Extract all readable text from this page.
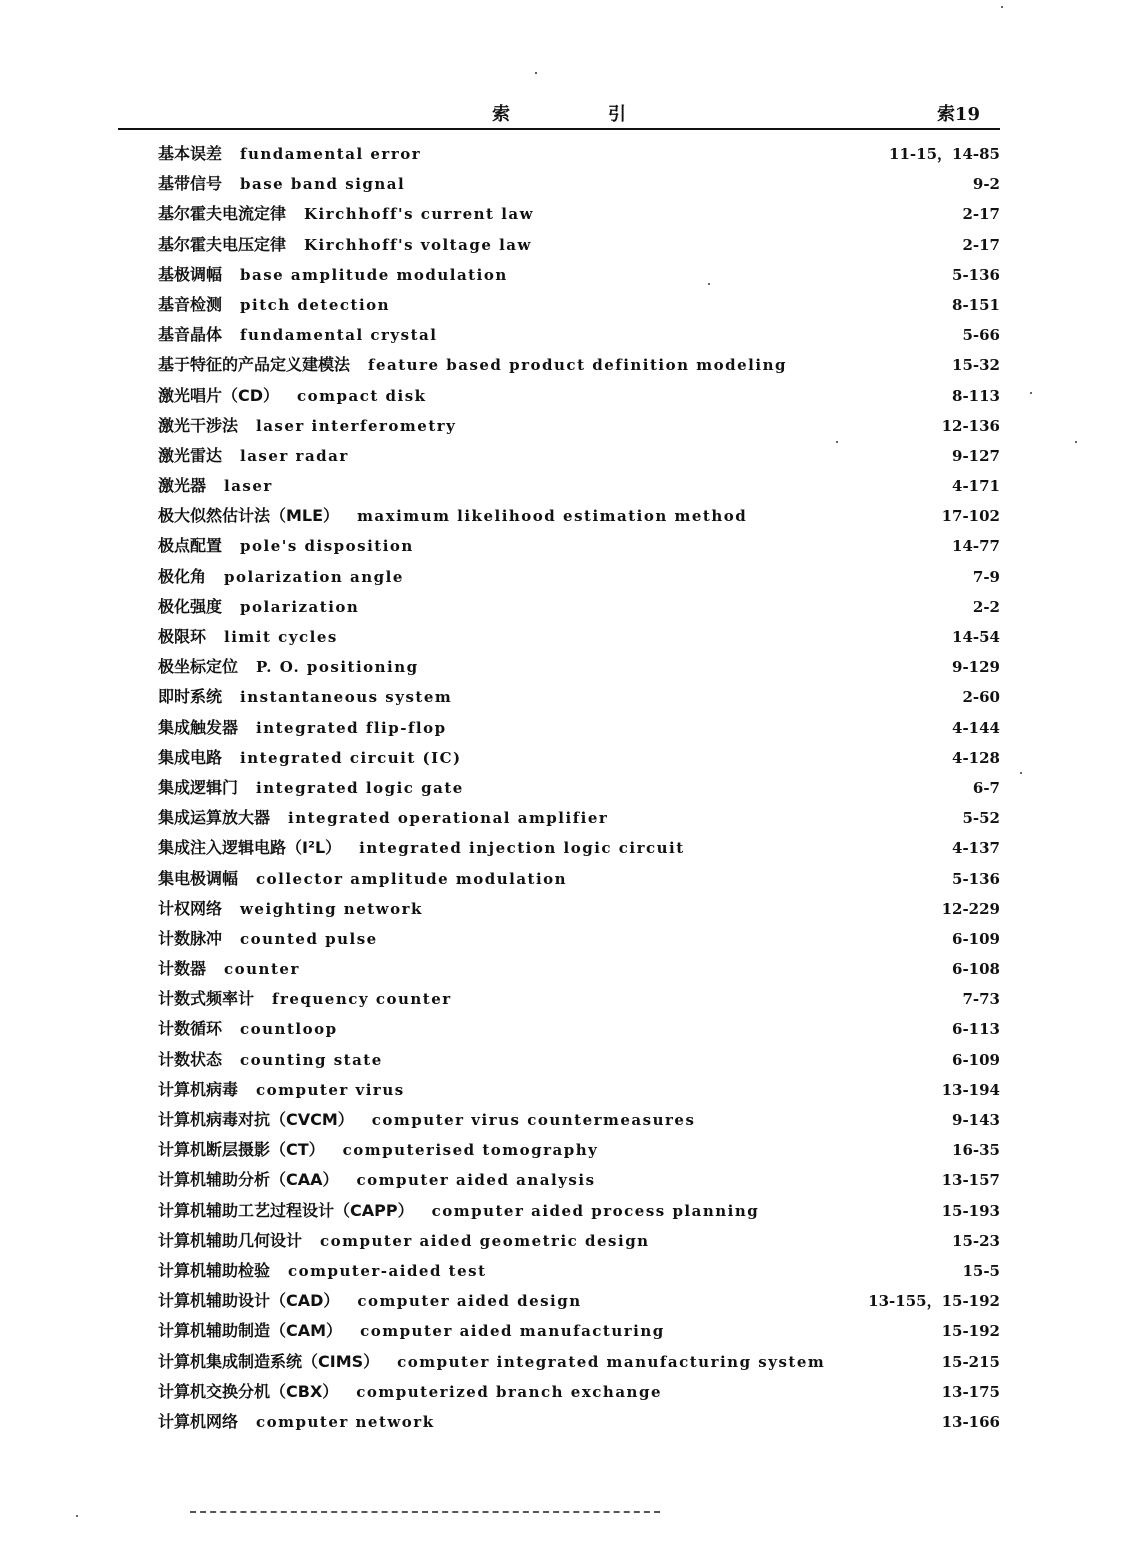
索　引	索19
基本误差 fundamental error	11-15，14-85
基带信号 base band signal	9-2
基尔霍夫电流定律 Kirchhoff's current law	2-17
基尔霍夫电压定律 Kirchhoff's voltage law	2-17
基极调幅 base amplitude modulation	5-136
基音检测 pitch detection	8-151
基音晶体 fundamental crystal	5-66
基于特征的产品定义建模法 feature based product definition modeling	15-32
激光唱片（CD） compact disk	8-113
激光干涉法 laser interferometry	12-136
激光雷达 laser radar	9-127
激光器 laser	4-171
极大似然估计法（MLE） maximum likelihood estimation method	17-102
极点配置 pole's disposition	14-77
极化角 polarization angle	7-9
极化强度 polarization	2-2
极限环 limit cycles	14-54
极坐标定位 P. O. positioning	9-129
即时系统 instantaneous system	2-60
集成触发器 integrated flip-flop	4-144
集成电路 integrated circuit (IC)	4-128
集成逻辑门 integrated logic gate	6-7
集成运算放大器 integrated operational amplifier	5-52
集成注入逻辑电路（I²L） integrated injection logic circuit	4-137
集电极调幅 collector amplitude modulation	5-136
计权网络 weighting network	12-229
计数脉冲 counted pulse	6-109
计数器 counter	6-108
计数式频率计 frequency counter	7-73
计数循环 countloop	6-113
计数状态 counting state	6-109
计算机病毒 computer virus	13-194
计算机病毒对抗（CVCM） computer virus countermeasures	9-143
计算机断层摄影（CT） computerised tomography	16-35
计算机辅助分析（CAA） computer aided analysis	13-157
计算机辅助工艺过程设计（CAPP） computer aided process planning	15-193
计算机辅助几何设计 computer aided geometric design	15-23
计算机辅助检验 computer-aided test	15-5
计算机辅助设计（CAD） computer aided design	13-155，15-192
计算机辅助制造（CAM） computer aided manufacturing	15-192
计算机集成制造系统（CIMS） computer integrated manufacturing system	15-215
计算机交换分机（CBX） computerized branch exchange	13-175
计算机网络 computer network	13-166
